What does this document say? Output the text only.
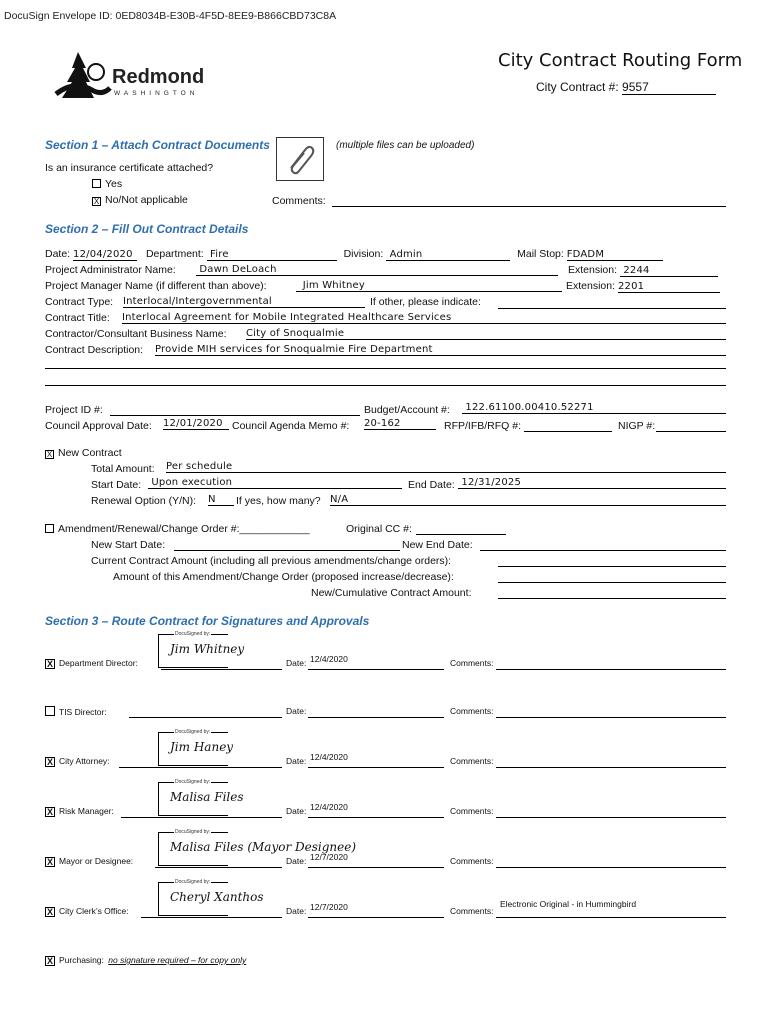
DocuSign Envelope ID: 0ED8034B-E30B-4F5D-8EE9-B866CBD73C8A
Redmond
WASHINGTON
City Contract Routing Form
City Contract #: 9557
Section 1 – Attach Contract Documents	(multiple files can be uploaded)
Is an insurance certificate attached?
Yes
X No/Not applicable	Comments:
Section 2 – Fill Out Contract Details
Date: 12/04/2020 Department: Fire	Division: Admin	Mail Stop: FDADM
Project Administrator Name:	Dawn DeLoach	Extension: 2244
Project Manager Name (if different than above):	Jim Whitney	Extension: 2201
Contract Type: Interlocal/Intergovernmental	If other, please indicate:
Contract Title: Interlocal Agreement for Mobile Integrated Healthcare Services
Contractor/Consultant Business Name: City of Snoqualmie
Contract Description: Provide MIH services for Snoqualmie Fire Department
Project ID #:	Budget/Account #:	122.61100.00410.52271
Council Approval Date: 12/01/2020 Council Agenda Memo #: 20-162	RFP/IFB/RFQ #:	NIGP #:
X New Contract
Total Amount: Per schedule
Start Date:	Upon execution	End Date: 12/31/2025
Renewal Option (Y/N): N	If yes, how many? N/A
Amendment/Renewal/Change Order #:____________	Original CC #:
New Start Date:	New End Date:
Current Contract Amount (including all previous amendments/change orders):
Amount of this Amendment/Change Order (proposed increase/decrease):
New/Cumulative Contract Amount:
Section 3 – Route Contract for Signatures and Approvals
X Department Director:
DocuSigned by:
Jim Whitney
Date: 12/4/2020	Comments:
TIS Director:	Date:	Comments:
X City Attorney:
DocuSigned by:
Jim Haney
Date: 12/4/2020	Comments:
X Risk Manager:
DocuSigned by:
Malisa Files
Date: 12/4/2020	Comments:
X Mayor or Designee:
DocuSigned by:
Malisa Files (Mayor Designee)
Date: 12/7/2020	Comments:
X City Clerk’s Office:
DocuSigned by:
Cheryl Xanthos
Date: 12/7/2020	Comments:
Electronic Original - in Hummingbird
X Purchasing: no signature required – for copy only
